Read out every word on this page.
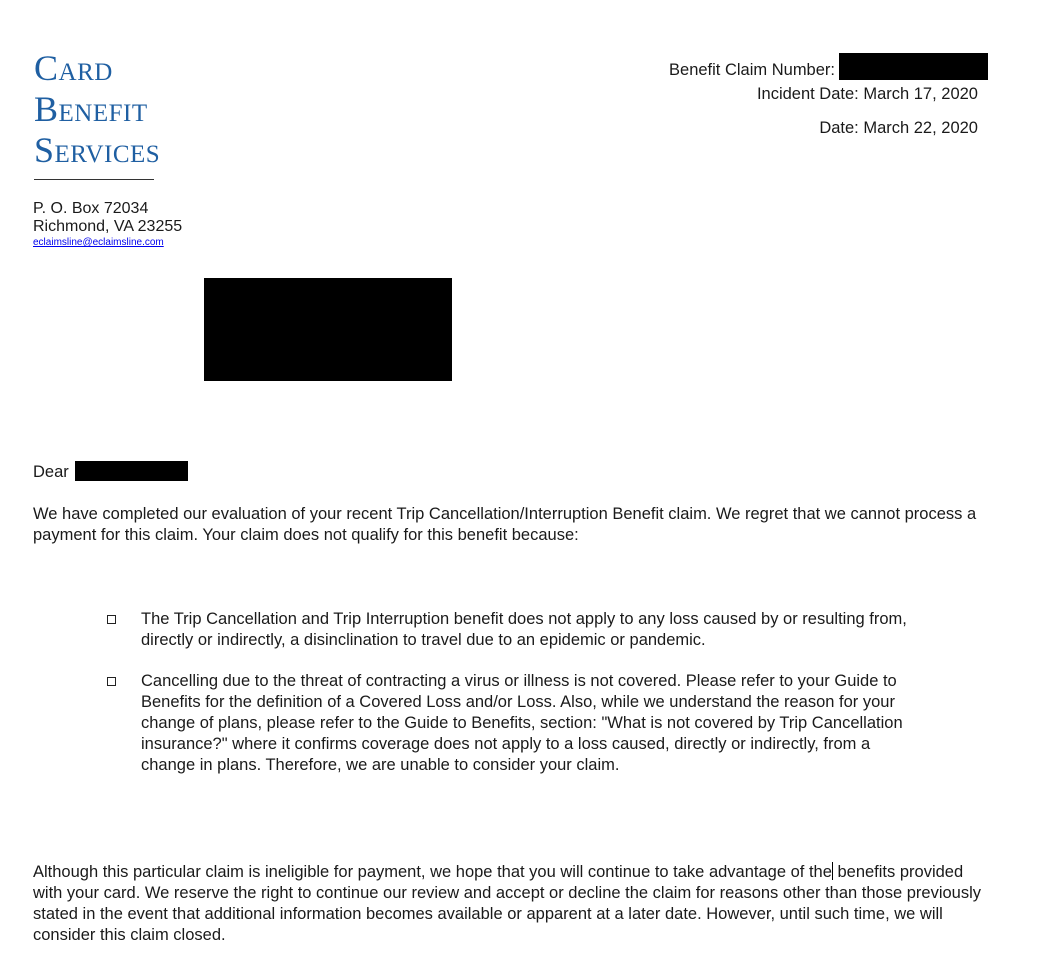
Card
Benefit
Services
P. O. Box 72034
Richmond, VA 23255
eclaimsline@eclaimsline.com
Benefit Claim Number:
Incident Date: March 17, 2020
Date: March 22, 2020
Dear
We have completed our evaluation of your recent Trip Cancellation/Interruption Benefit claim. We regret that we cannot process a payment for this claim. Your claim does not qualify for this benefit because:
The Trip Cancellation and Trip Interruption benefit does not apply to any loss caused by or resulting from, directly or indirectly, a disinclination to travel due to an epidemic or pandemic.
Cancelling due to the threat of contracting a virus or illness is not covered. Please refer to your Guide to Benefits for the definition of a Covered Loss and/or Loss. Also, while we understand the reason for your change of plans, please refer to the Guide to Benefits, section: "What is not covered by Trip Cancellation insurance?" where it confirms coverage does not apply to a loss caused, directly or indirectly, from a change in plans. Therefore, we are unable to consider your claim.
Although this particular claim is ineligible for payment, we hope that you will continue to take advantage of the benefits provided with your card. We reserve the right to continue our review and accept or decline the claim for reasons other than those previously stated in the event that additional information becomes available or apparent at a later date. However, until such time, we will consider this claim closed.
